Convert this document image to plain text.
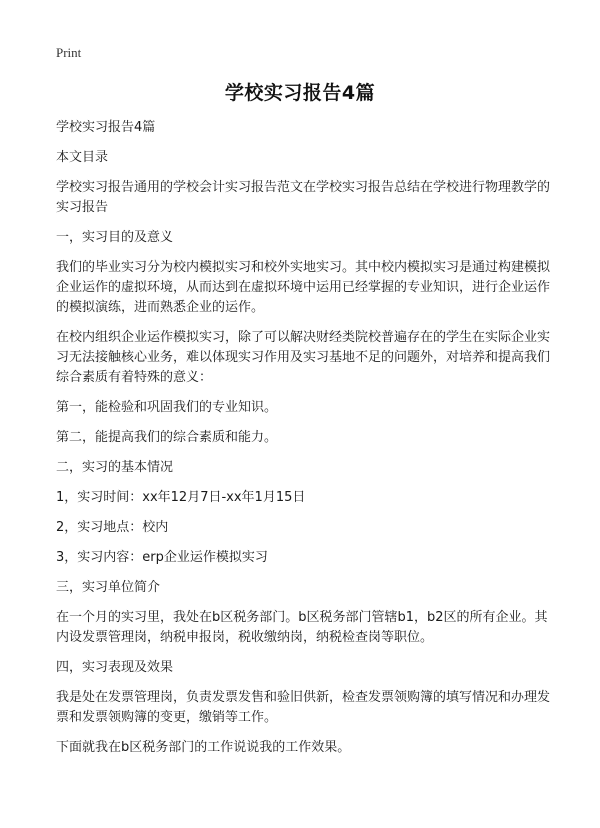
Print
学校实习报告4篇

学校实习报告4篇

本文目录

学校实习报告通用的学校会计实习报告范文在学校实习报告总结在学校进行物理教学的实习报告

一，实习目的及意义

我们的毕业实习分为校内模拟实习和校外实地实习。其中校内模拟实习是通过构建模拟企业运作的虚拟环境，从而达到在虚拟环境中运用已经掌握的专业知识，进行企业运作的模拟演练，进而熟悉企业的运作。

在校内组织企业运作模拟实习，除了可以解决财经类院校普遍存在的学生在实际企业实习无法接触核心业务，难以体现实习作用及实习基地不足的问题外，对培养和提高我们综合素质有着特殊的意义：

第一，能检验和巩固我们的专业知识。

第二，能提高我们的综合素质和能力。

二，实习的基本情况

1，实习时间：xx年12月7日-xx年1月15日

2，实习地点：校内

3，实习内容：erp企业运作模拟实习

三，实习单位简介

在一个月的实习里，我处在b区税务部门。b区税务部门管辖b1，b2区的所有企业。其内设发票管理岗，纳税申报岗，税收缴纳岗，纳税检查岗等职位。

四，实习表现及效果

我是处在发票管理岗，负责发票发售和验旧供新，检查发票领购簿的填写情况和办理发票和发票领购簿的变更，缴销等工作。

下面就我在b区税务部门的工作说说我的工作效果。
